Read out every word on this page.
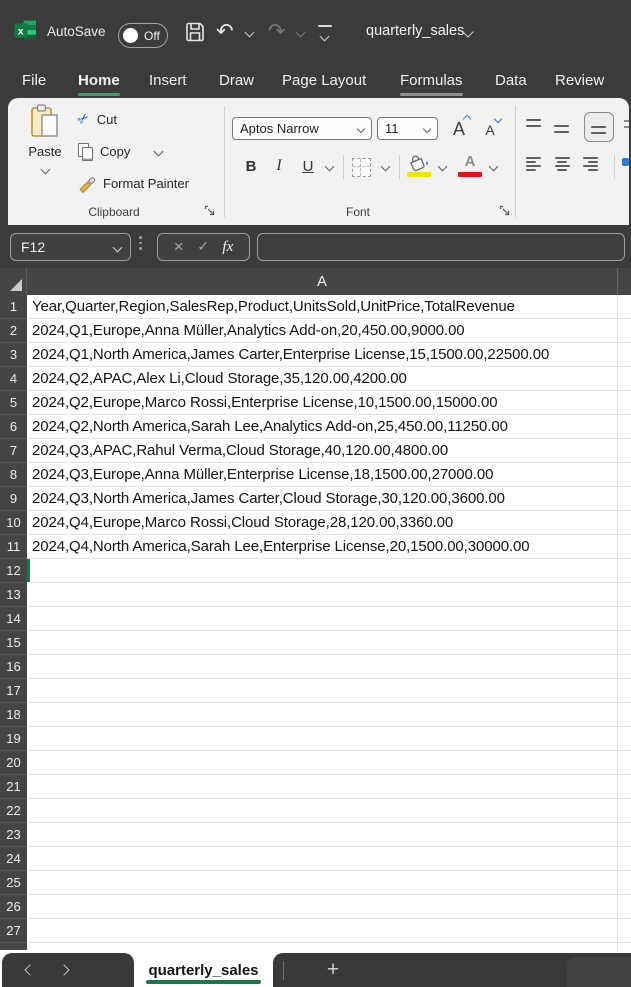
x AutoSave	Off	↶ ↷	quarterly_sales
File Home Insert Draw Page Layout Formulas Data Review
Paste
✂ Cut
Copy
Format Painter
Clipboard
Aptos Narrow	11	A	A
B	I	U	A
Font
F12	× ✓ fx
A
1 Year,Quarter,Region,SalesRep,Product,UnitsSold,UnitPrice,TotalRevenue
2 2024,Q1,Europe,Anna Müller,Analytics Add-on,20,450.00,9000.00
3 2024,Q1,North America,James Carter,Enterprise License,15,1500.00,22500.00
4 2024,Q2,APAC,Alex Li,Cloud Storage,35,120.00,4200.00
5 2024,Q2,Europe,Marco Rossi,Enterprise License,10,1500.00,15000.00
6 2024,Q2,North America,Sarah Lee,Analytics Add-on,25,450.00,11250.00
7 2024,Q3,APAC,Rahul Verma,Cloud Storage,40,120.00,4800.00
8 2024,Q3,Europe,Anna Müller,Enterprise License,18,1500.00,27000.00
9 2024,Q3,North America,James Carter,Cloud Storage,30,120.00,3600.00
10 2024,Q4,Europe,Marco Rossi,Cloud Storage,28,120.00,3360.00
11 2024,Q4,North America,Sarah Lee,Enterprise License,20,1500.00,30000.00
12
13
14
15
16
17
18
19
20
21
22
23
24
25
26
27
quarterly_sales	+
